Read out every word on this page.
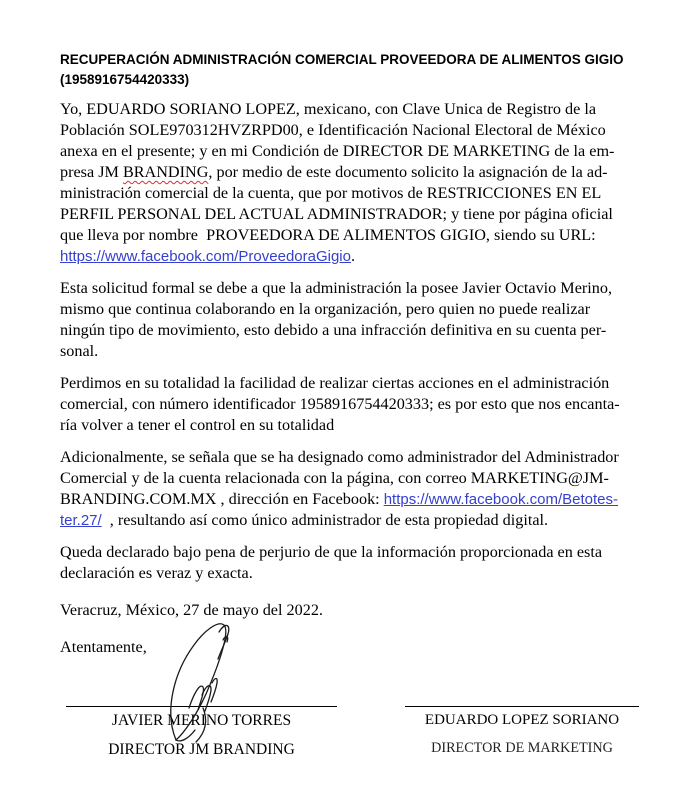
RECUPERACIÓN ADMINISTRACIÓN COMERCIAL PROVEEDORA DE ALIMENTOS GIGIO
(1958916754420333)
Yo, EDUARDO SORIANO LOPEZ, mexicano, con Clave Unica de Registro de la
Población SOLE970312HVZRPD00, e Identificación Nacional Electoral de México
anexa en el presente; y en mi Condición de DIRECTOR DE MARKETING de la em-
presa JM BRANDING, por medio de este documento solicito la asignación de la ad-
ministración comercial de la cuenta, que por motivos de RESTRICCIONES EN EL
PERFIL PERSONAL DEL ACTUAL ADMINISTRADOR; y tiene por página oficial
que lleva por nombre  PROVEEDORA DE ALIMENTOS GIGIO, siendo su URL:
https://www.facebook.com/ProveedoraGigio.
Esta solicitud formal se debe a que la administración la posee Javier Octavio Merino,
mismo que continua colaborando en la organización, pero quien no puede realizar
ningún tipo de movimiento, esto debido a una infracción definitiva en su cuenta per-
sonal.
Perdimos en su totalidad la facilidad de realizar ciertas acciones en el administración
comercial, con número identificador 1958916754420333; es por esto que nos encanta-
ría volver a tener el control en su totalidad
Adicionalmente, se señala que se ha designado como administrador del Administrador
Comercial y de la cuenta relacionada con la página, con correo MARKETING@JM-
BRANDING.COM.MX , dirección en Facebook: https://www.facebook.com/Betotes-
ter.27/  , resultando así como único administrador de esta propiedad digital.
Queda declarado bajo pena de perjurio de que la información proporcionada en esta
declaración es veraz y exacta.

Veracruz, México, 27 de mayo del 2022.

Atentamente,

JAVIER MERINO TORRES
DIRECTOR JM BRANDING
EDUARDO LOPEZ SORIANO
DIRECTOR DE MARKETING
